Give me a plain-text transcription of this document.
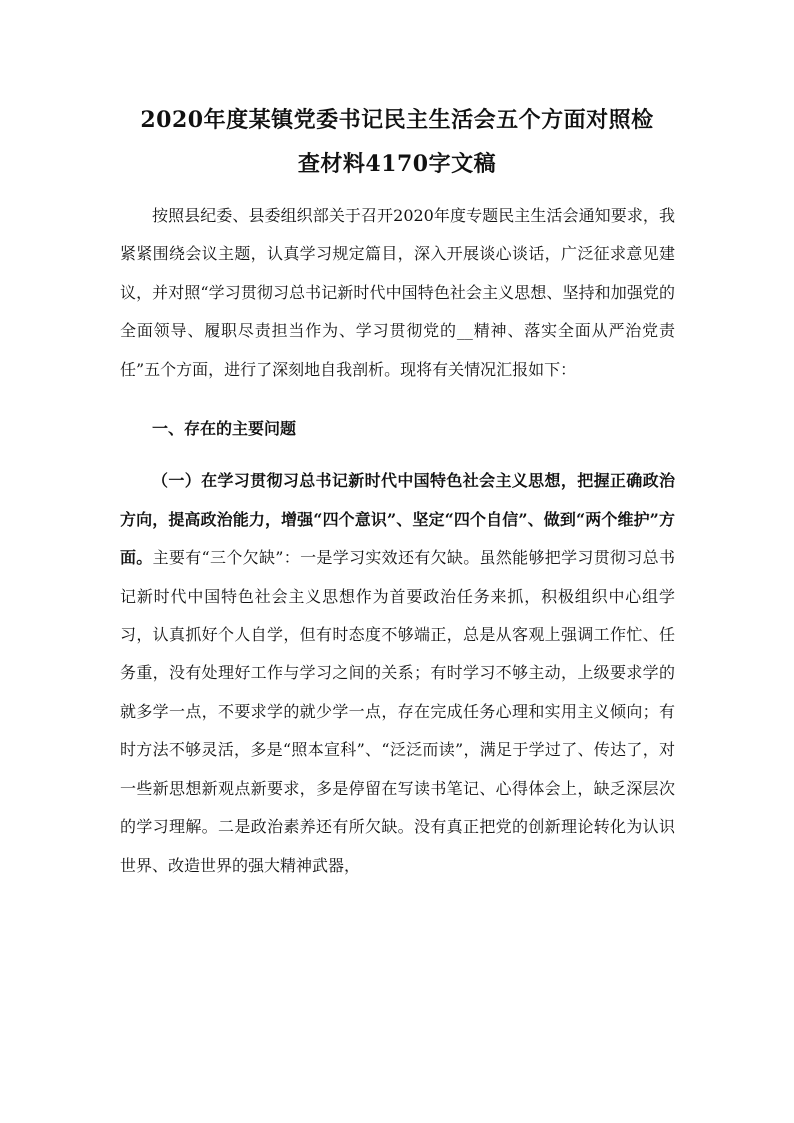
2020年度某镇党委书记民主生活会五个方面对照检
查材料4170字文稿

按照县纪委、县委组织部关于召开2020年度专题民主生活会通知要求，我紧紧围绕会议主题，认真学习规定篇目，深入开展谈心谈话，广泛征求意见建议，并对照“学习贯彻习总书记新时代中国特色社会主义思想、坚持和加强党的全面领导、履职尽责担当作为、学习贯彻党的__精神、落实全面从严治党责任”五个方面，进行了深刻地自我剖析。现将有关情况汇报如下：

一、存在的主要问题

（一）在学习贯彻习总书记新时代中国特色社会主义思想，把握正确政治方向，提高政治能力，增强“四个意识”、坚定“四个自信”、做到“两个维护”方面。主要有“三个欠缺”：一是学习实效还有欠缺。虽然能够把学习贯彻习总书记新时代中国特色社会主义思想作为首要政治任务来抓，积极组织中心组学习，认真抓好个人自学，但有时态度不够端正，总是从客观上强调工作忙、任务重，没有处理好工作与学习之间的关系；有时学习不够主动，上级要求学的就多学一点，不要求学的就少学一点，存在完成任务心理和实用主义倾向；有时方法不够灵活，多是“照本宣科”、“泛泛而读”，满足于学过了、传达了，对一些新思想新观点新要求，多是停留在写读书笔记、心得体会上，缺乏深层次的学习理解。二是政治素养还有所欠缺。没有真正把党的创新理论转化为认识世界、改造世界的强大精神武器，
